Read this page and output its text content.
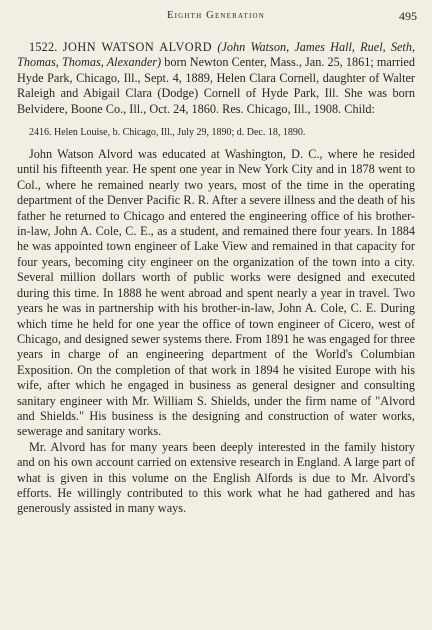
Eighth Generation	495

1522. JOHN WATSON ALVORD (John Watson, James Hall, Ruel, Seth, Thomas, Thomas, Alexander) born Newton Center, Mass., Jan. 25, 1861; married Hyde Park, Chicago, Ill., Sept. 4, 1889, Helen Clara Cornell, daughter of Walter Raleigh and Abigail Clara (Dodge) Cornell of Hyde Park, Ill. She was born Belvidere, Boone Co., Ill., Oct. 24, 1860. Res. Chicago, Ill., 1908. Child:

2416. Helen Louise, b. Chicago, Ill., July 29, 1890; d. Dec. 18, 1890.

John Watson Alvord was educated at Washington, D. C., where he resided until his fifteenth year. He spent one year in New York City and in 1878 went to Col., where he remained nearly two years, most of the time in the operating department of the Denver Pacific R. R. After a severe illness and the death of his father he returned to Chicago and entered the engineering office of his brother-in-law, John A. Cole, C. E., as a student, and remained there four years. In 1884 he was appointed town engineer of Lake View and remained in that capacity for four years, becoming city engineer on the organization of the town into a city. Several million dollars worth of public works were designed and executed during this time. In 1888 he went abroad and spent nearly a year in travel. Two years he was in partnership with his brother-in-law, John A. Cole, C. E. During which time he held for one year the office of town engineer of Cicero, west of Chicago, and designed sewer systems there. From 1891 he was engaged for three years in charge of an engineering department of the World's Columbian Exposition. On the completion of that work in 1894 he visited Europe with his wife, after which he engaged in business as general designer and consulting sanitary engineer with Mr. William S. Shields, under the firm name of "Alvord and Shields." His business is the designing and construction of water works, sewerage and sanitary works.

Mr. Alvord has for many years been deeply interested in the family history and on his own account carried on extensive research in England. A large part of what is given in this volume on the English Alfords is due to Mr. Alvord's efforts. He willingly contributed to this work what he had gathered and has generously assisted in many ways.
